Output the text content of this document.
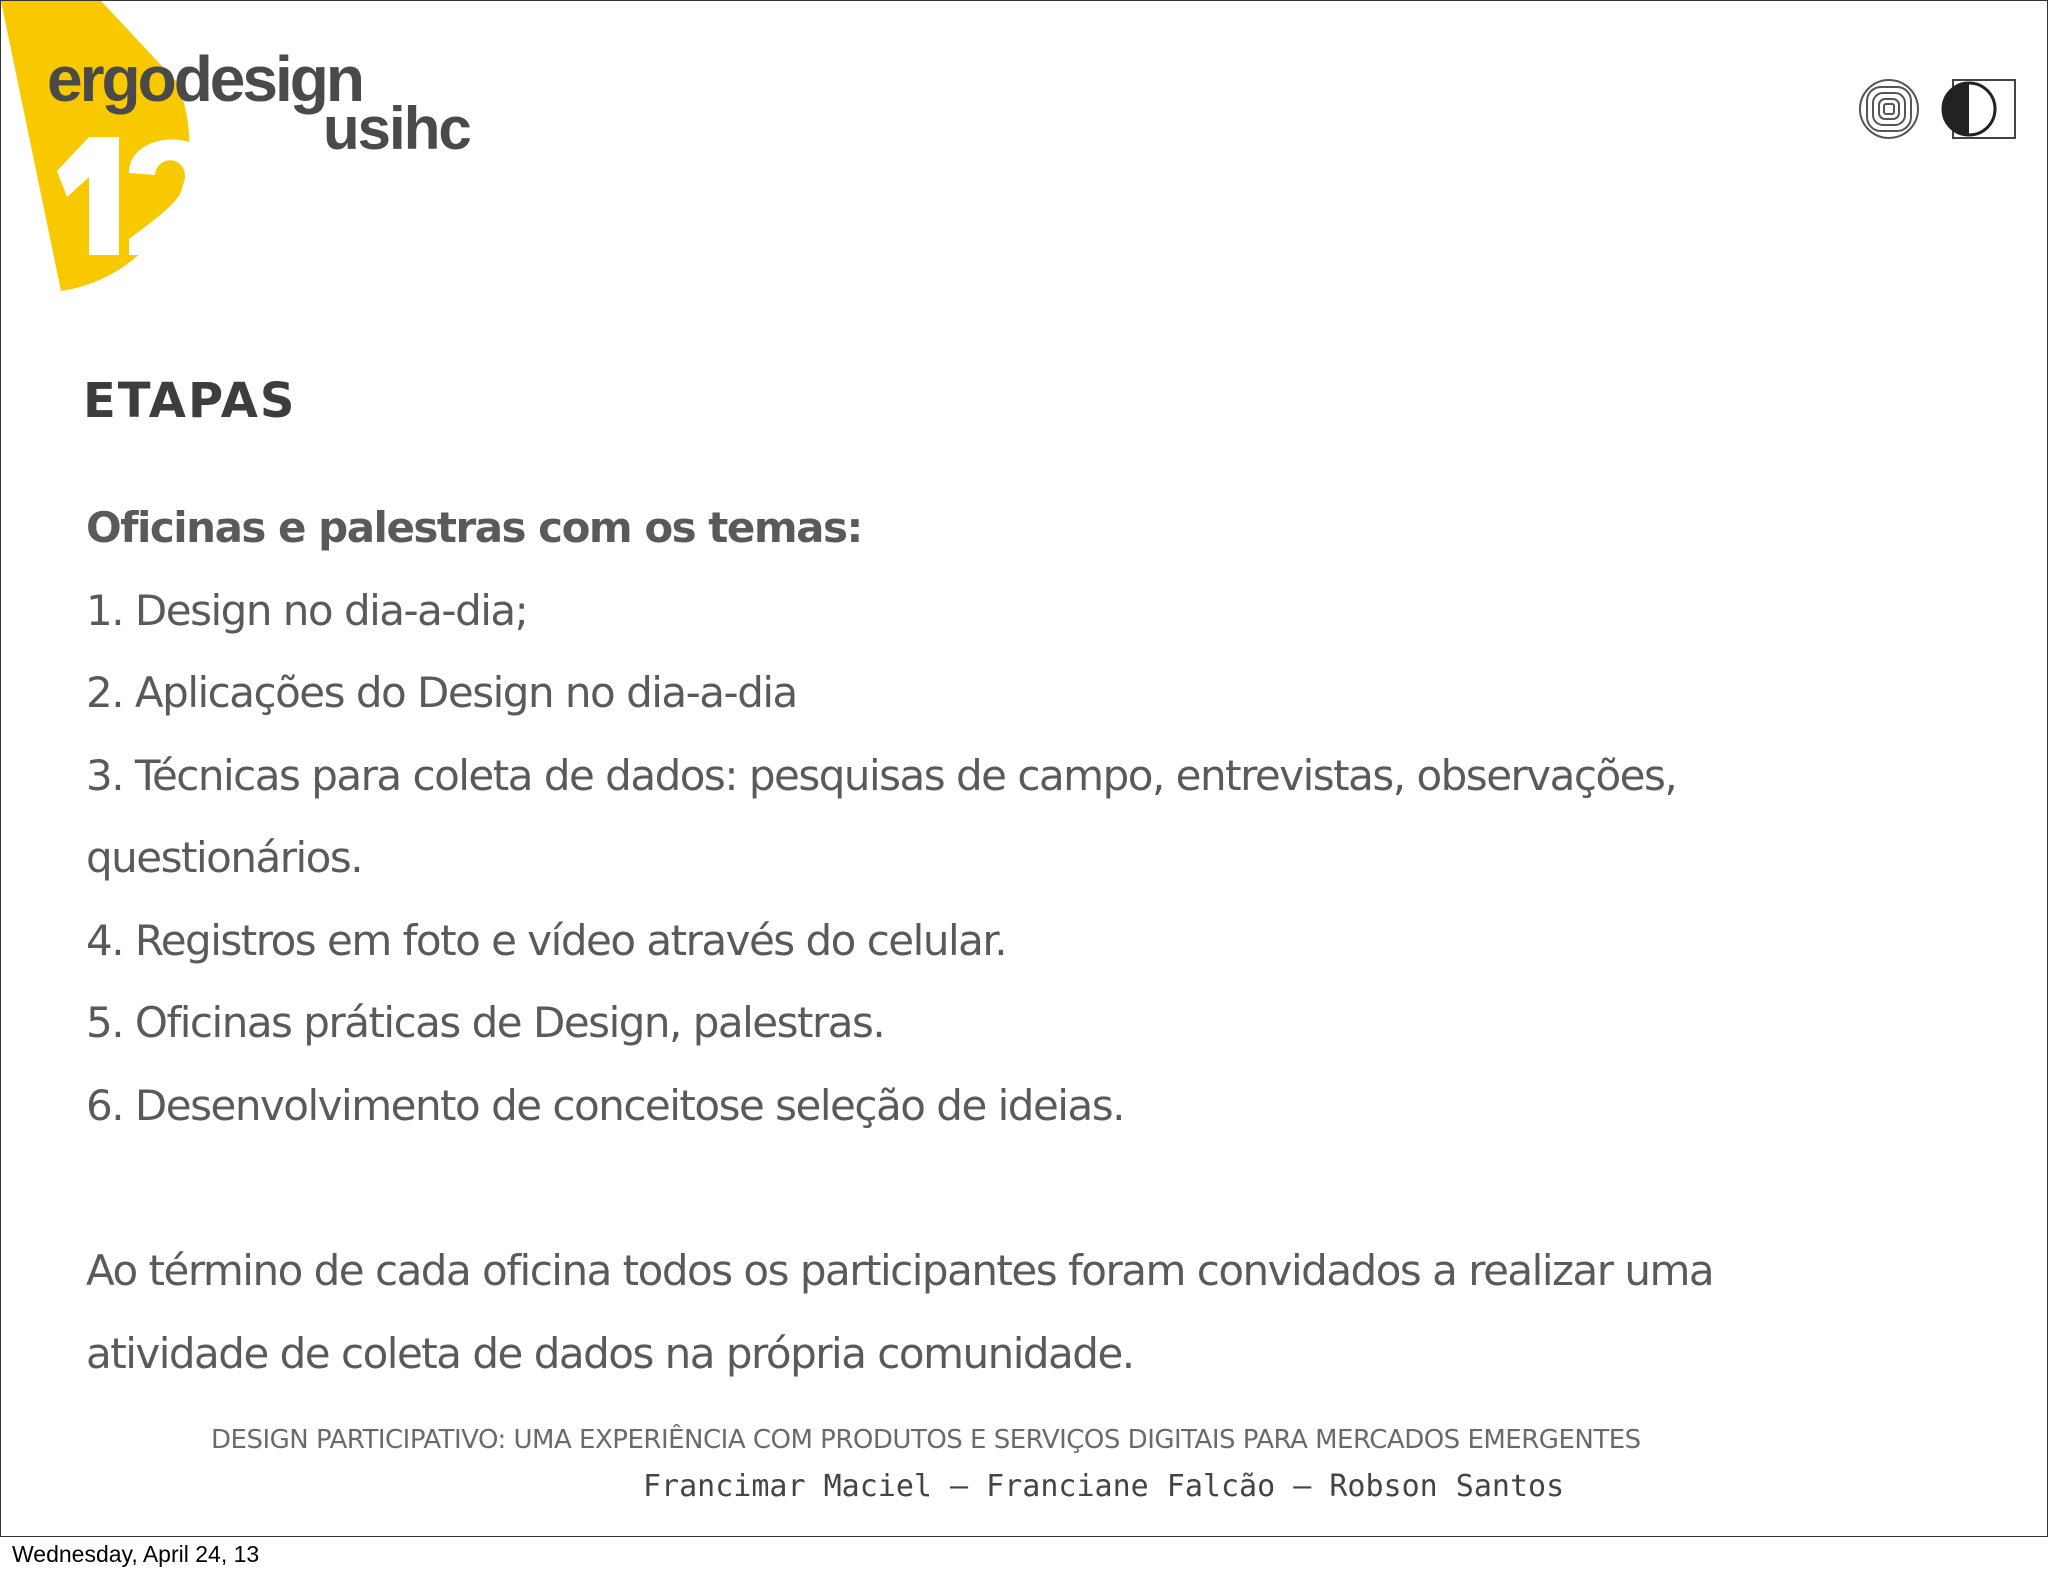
ergodesign
usihc
ETAPAS
Oficinas e palestras com os temas:
1. Design no dia-a-dia;
2. Aplicações do Design no dia-a-dia
3. Técnicas para coleta de dados: pesquisas de campo, entrevistas, observações,
questionários.
4. Registros em foto e vídeo através do celular.
5. Oficinas práticas de Design, palestras.
6. Desenvolvimento de conceitose seleção de ideias.
Ao término de cada oficina todos os participantes foram convidados a realizar uma
atividade de coleta de dados na própria comunidade.
DESIGN PARTICIPATIVO: UMA EXPERIÊNCIA COM PRODUTOS E SERVIÇOS DIGITAIS PARA MERCADOS EMERGENTES
Francimar Maciel – Franciane Falcão – Robson Santos
Wednesday, April 24, 13
